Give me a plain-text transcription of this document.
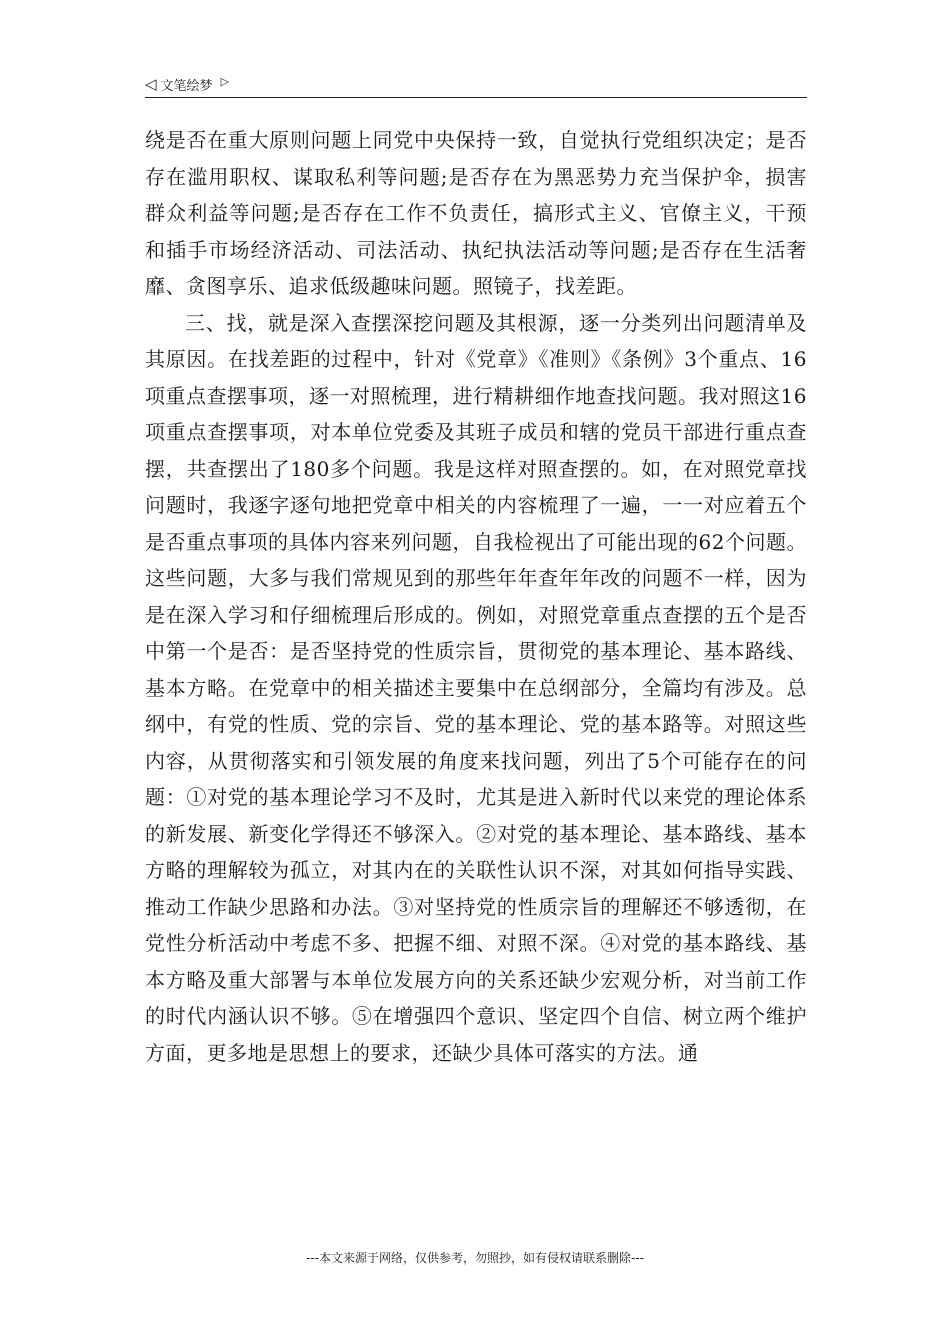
◁ 文笔绘梦 ▷

绕是否在重大原则问题上同党中央保持一致，自觉执行党组织决定；是否存在滥用职权、谋取私利等问题;是否存在为黑恶势力充当保护伞，损害群众利益等问题;是否存在工作不负责任，搞形式主义、官僚主义，干预和插手市场经济活动、司法活动、执纪执法活动等问题;是否存在生活奢靡、贪图享乐、追求低级趣味问题。照镜子，找差距。

三、找，就是深入查摆深挖问题及其根源，逐一分类列出问题清单及其原因。在找差距的过程中，针对《党章》《准则》《条例》3个重点、16项重点查摆事项，逐一对照梳理，进行精耕细作地查找问题。我对照这16项重点查摆事项，对本单位党委及其班子成员和辖的党员干部进行重点查摆，共查摆出了180多个问题。我是这样对照查摆的。如，在对照党章找问题时，我逐字逐句地把党章中相关的内容梳理了一遍，一一对应着五个是否重点事项的具体内容来列问题，自我检视出了可能出现的62个问题。这些问题，大多与我们常规见到的那些年年查年年改的问题不一样，因为是在深入学习和仔细梳理后形成的。例如，对照党章重点查摆的五个是否中第一个是否：是否坚持党的性质宗旨，贯彻党的基本理论、基本路线、基本方略。在党章中的相关描述主要集中在总纲部分，全篇均有涉及。总纲中，有党的性质、党的宗旨、党的基本理论、党的基本路等。对照这些内容，从贯彻落实和引领发展的角度来找问题，列出了5个可能存在的问题：①对党的基本理论学习不及时，尤其是进入新时代以来党的理论体系的新发展、新变化学得还不够深入。②对党的基本理论、基本路线、基本方略的理解较为孤立，对其内在的关联性认识不深，对其如何指导实践、推动工作缺少思路和办法。③对坚持党的性质宗旨的理解还不够透彻，在党性分析活动中考虑不多、把握不细、对照不深。④对党的基本路线、基本方略及重大部署与本单位发展方向的关系还缺少宏观分析，对当前工作的时代内涵认识不够。⑤在增强四个意识、坚定四个自信、树立两个维护方面，更多地是思想上的要求，还缺少具体可落实的方法。通

---本文来源于网络，仅供参考，勿照抄，如有侵权请联系删除---
